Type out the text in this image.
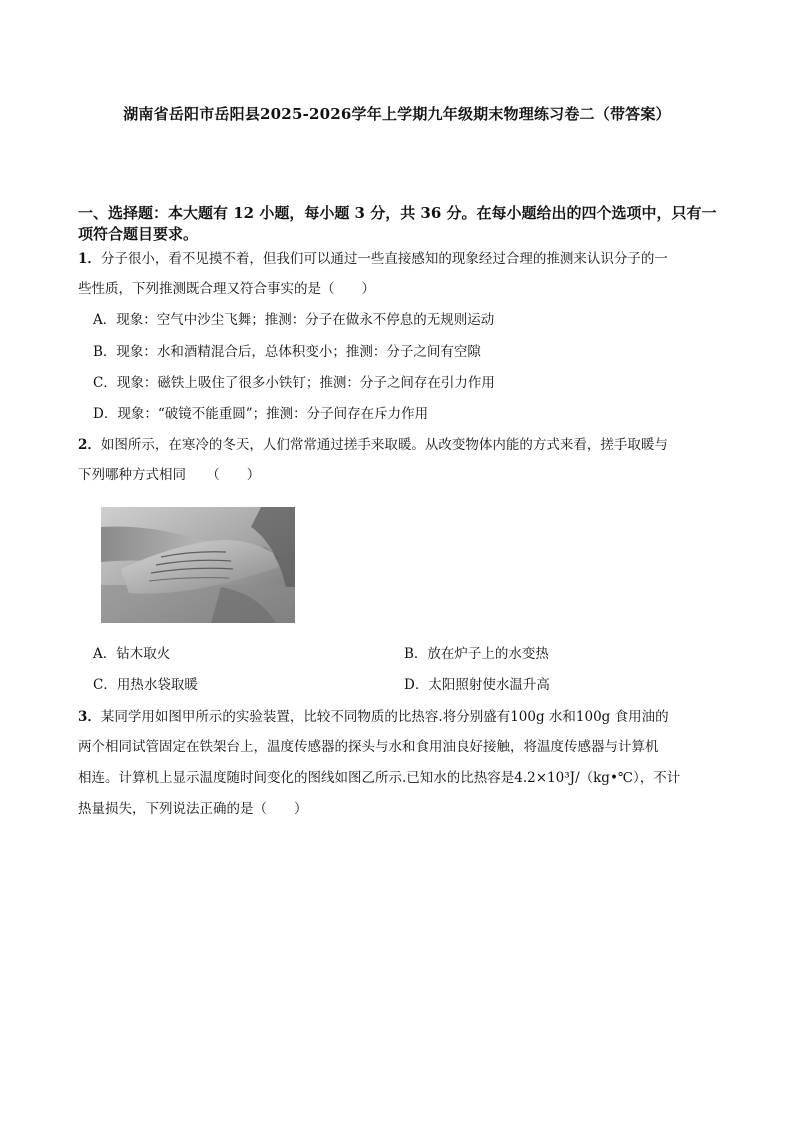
湖南省岳阳市岳阳县2025-2026学年上学期九年级期末物理练习卷二（带答案）
一、选择题：本大题有 12 小题，每小题 3 分，共 36 分。在每小题给出的四个选项中，只有一项符合题目要求。
1．分子很小，看不见摸不着，但我们可以通过一些直接感知的现象经过合理的推测来认识分子的一
些性质，下列推测既合理又符合事实的是（　　）
A．现象：空气中沙尘飞舞；推测：分子在做永不停息的无规则运动
B．现象：水和酒精混合后，总体积变小；推测：分子之间有空隙
C．现象：磁铁上吸住了很多小铁钉；推测：分子之间存在引力作用
D．现象：“破镜不能重圆”；推测：分子间存在斥力作用
2．如图所示，在寒冷的冬天，人们常常通过搓手来取暖。从改变物体内能的方式来看，搓手取暖与
下列哪种方式相同　　（　　）
A．钻木取火	B．放在炉子上的水变热
C．用热水袋取暖	D．太阳照射使水温升高
3．某同学用如图甲所示的实验装置，比较不同物质的比热容.将分别盛有100g 水和100g 食用油的
两个相同试管固定在铁架台上，温度传感器的探头与水和食用油良好接触，将温度传感器与计算机
相连。计算机上显示温度随时间变化的图线如图乙所示.已知水的比热容是4.2×10³J/（kg•℃），不计
热量损失，下列说法正确的是（　　）
